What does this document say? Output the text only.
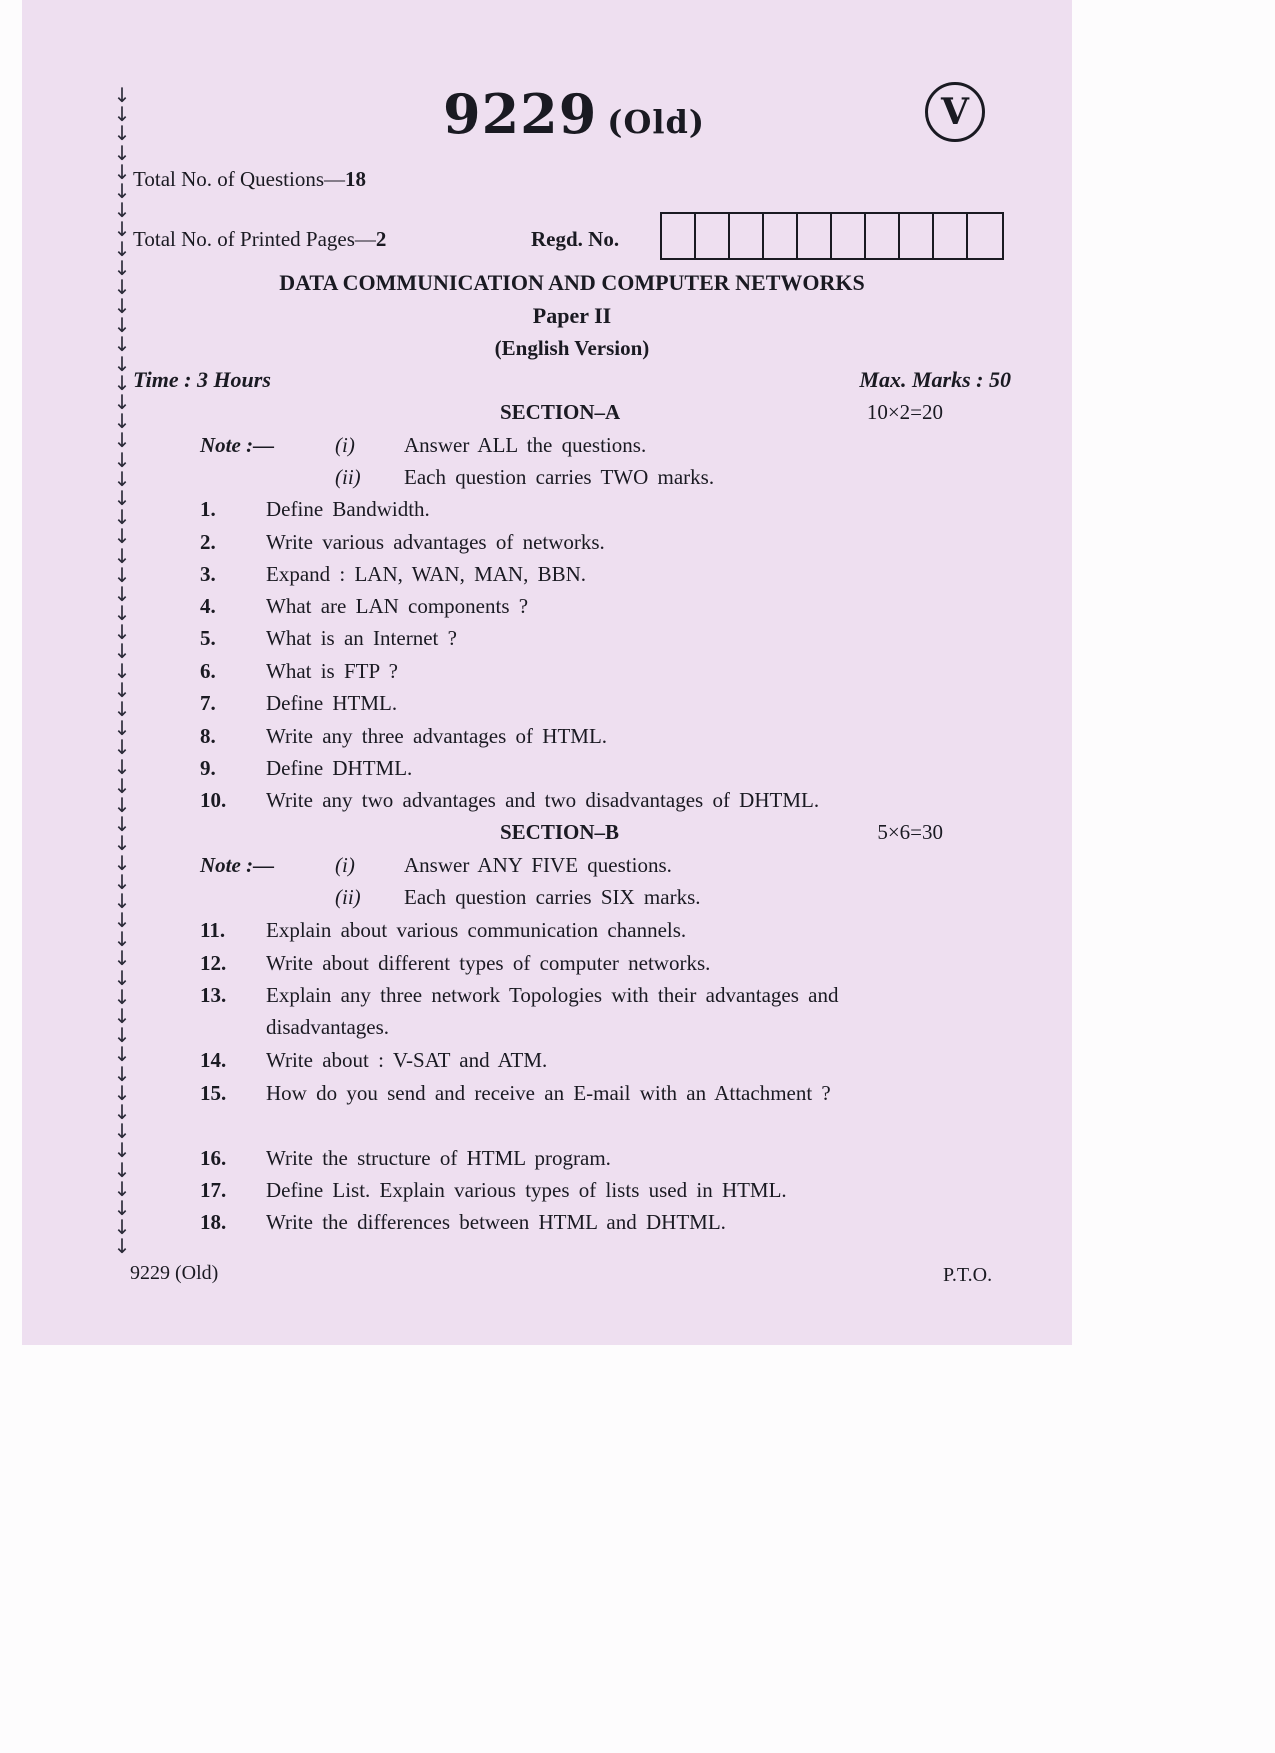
↓
↓
↓
↓
↓
↓
↓
↓
↓
↓
↓
↓
↓
↓
↓
↓
↓
↓
↓
↓
↓
↓
↓
↓
↓
↓
↓
↓
↓
↓
↓
↓
↓
↓
↓
↓
↓
↓
↓
↓
↓
↓
↓
↓
↓
↓
↓
↓
↓
↓
↓
↓
↓
↓
↓
↓
↓
↓
↓
↓
↓
9229 (Old)	V
Total No. of Questions—18
Total No. of Printed Pages—2	Regd. No.
DATA COMMUNICATION AND COMPUTER NETWORKS
Paper II
(English Version)
Time : 3 Hours	Max. Marks : 50
SECTION–A	10×2=20
Note :—	(i) Answer ALL the questions.
(ii) Each question carries TWO marks.
1. Define Bandwidth.
2. Write various advantages of networks.
3. Expand : LAN, WAN, MAN, BBN.
4. What are LAN components ?
5. What is an Internet ?
6. What is FTP ?
7. Define HTML.
8. Write any three advantages of HTML.
9. Define DHTML.
10. Write any two advantages and two disadvantages of DHTML.
SECTION–B	5×6=30
Note :—	(i) Answer ANY FIVE questions.
(ii) Each question carries SIX marks.
11. Explain about various communication channels.
12. Write about different types of computer networks.
13. Explain any three network Topologies with their advantages and disadvantages.
14. Write about : V-SAT and ATM.
15. How do you send and receive an E-mail with an Attachment ?
16. Write the structure of HTML program.
17. Define List. Explain various types of lists used in HTML.
18. Write the differences between HTML and DHTML.
9229 (Old)	P.T.O.
